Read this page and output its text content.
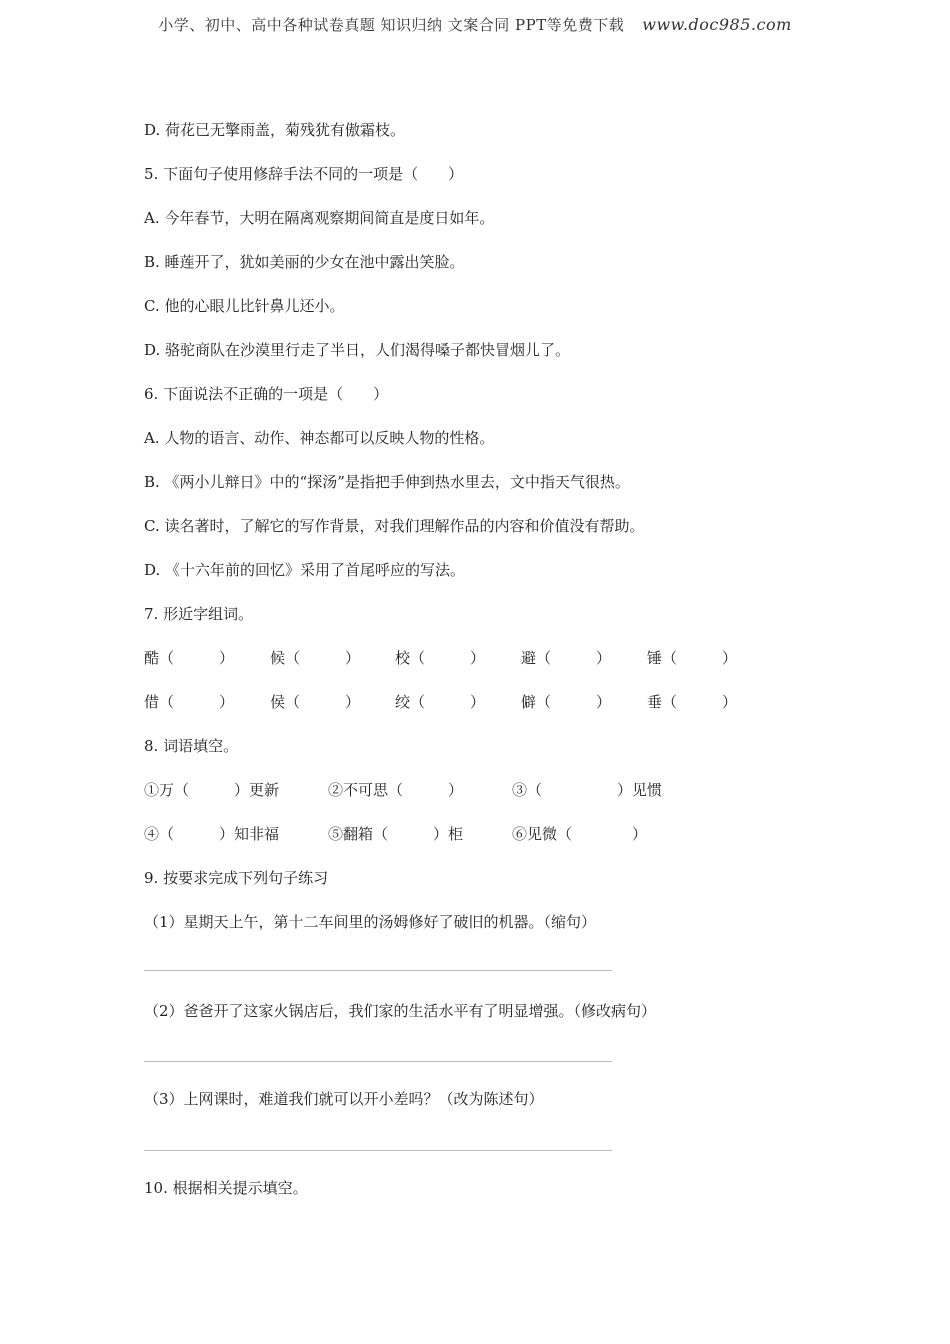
小学、初中、高中各种试卷真题 知识归纳 文案合同 PPT等免费下载 www.doc985.com
D. 荷花已无擎雨盖，菊残犹有傲霜枝。
5. 下面句子使用修辞手法不同的一项是（　　）
A. 今年春节，大明在隔离观察期间简直是度日如年。
B. 睡莲开了，犹如美丽的少女在池中露出笑脸。
C. 他的心眼儿比针鼻儿还小。
D. 骆驼商队在沙漠里行走了半日，人们渴得嗓子都快冒烟儿了。
6. 下面说法不正确的一项是（　　）
A. 人物的语言、动作、神态都可以反映人物的性格。
B. 《两小儿辩日》中的“探汤”是指把手伸到热水里去，文中指天气很热。
C. 读名著时，了解它的写作背景，对我们理解作品的内容和价值没有帮助。
D. 《十六年前的回忆》采用了首尾呼应的写法。
7. 形近字组词。
酷（　　　） 候（　　　） 校（　　　） 避（　　　） 锤（　　　）
借（　　　） 侯（　　　） 绞（　　　） 僻（　　　） 垂（　　　）
8. 词语填空。
①万（　　　）更新	②不可思（　　　）	③（　　　　　）见惯
④（　　　）知非福	⑤翻箱（　　　）柜	⑥见微（　　　　）
9. 按要求完成下列句子练习
（1）星期天上午，第十二车间里的汤姆修好了破旧的机器。（缩句）
（2）爸爸开了这家火锅店后，我们家的生活水平有了明显增强。（修改病句）
（3）上网课时，难道我们就可以开小差吗？（改为陈述句）
10. 根据相关提示填空。
